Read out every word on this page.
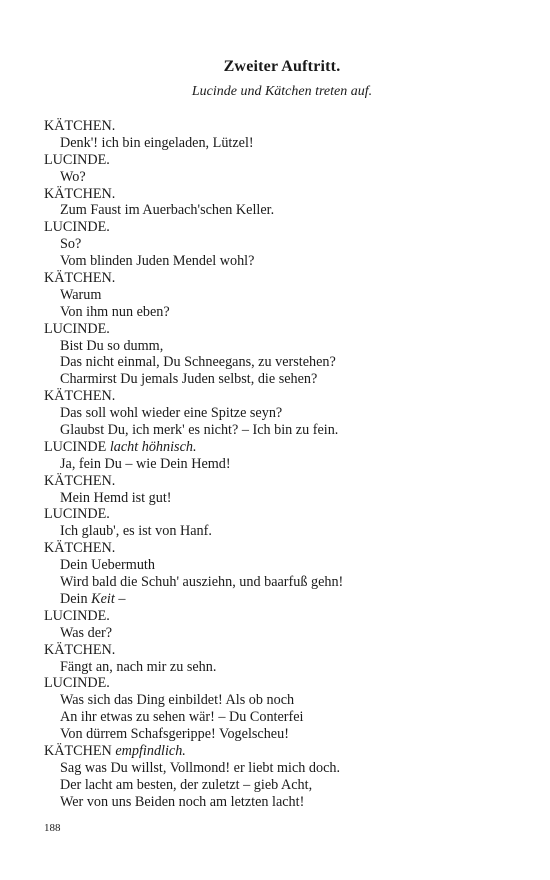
Zweiter Auftritt.
Lucinde und Kätchen treten auf.
KÄTCHEN.
Denk'! ich bin eingeladen, Lützel!
LUCINDE.
Wo?
KÄTCHEN.
Zum Faust im Auerbach'schen Keller.
LUCINDE.
So?
Vom blinden Juden Mendel wohl?
KÄTCHEN.
Warum
Von ihm nun eben?
LUCINDE.
Bist Du so dumm,
Das nicht einmal, Du Schneegans, zu verstehen?
Charmirst Du jemals Juden selbst, die sehen?
KÄTCHEN.
Das soll wohl wieder eine Spitze seyn?
Glaubst Du, ich merk' es nicht? – Ich bin zu fein.
LUCINDE lacht höhnisch.
Ja, fein Du – wie Dein Hemd!
KÄTCHEN.
Mein Hemd ist gut!
LUCINDE.
Ich glaub', es ist von Hanf.
KÄTCHEN.
Dein Uebermuth
Wird bald die Schuh' ausziehn, und baarfuß gehn!
Dein Keit –
LUCINDE.
Was der?
KÄTCHEN.
Fängt an, nach mir zu sehn.
LUCINDE.
Was sich das Ding einbildet! Als ob noch
An ihr etwas zu sehen wär! – Du Conterfei
Von dürrem Schafsgerippe! Vogelscheu!
KÄTCHEN empfindlich.
Sag was Du willst, Vollmond! er liebt mich doch.
Der lacht am besten, der zuletzt – gieb Acht,
Wer von uns Beiden noch am letzten lacht!
188
